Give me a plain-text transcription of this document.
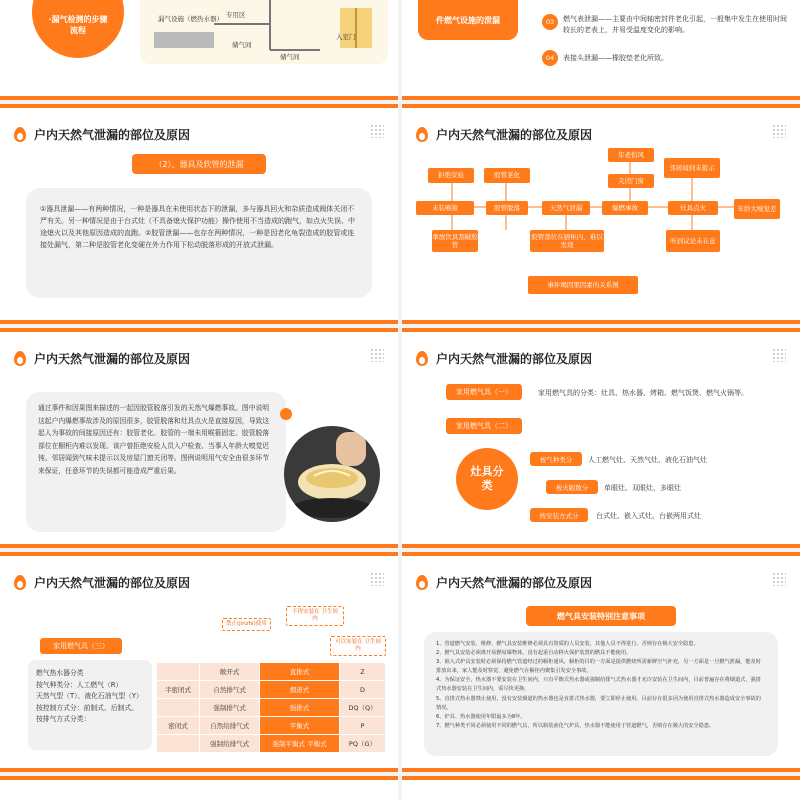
·漏气检测的步骤流程
漏气设施（燃热水器） 专用区
储气间
入室门
储气间
件燃气设施的泄漏	03	燃气表泄漏——主要由中间轴密封件老化引起，一般集中发生在使用时间较长的老表上，并易受温度变化的影响。
04	表接头泄漏——橡胶垫老化所致。
户内天然气泄漏的部位及原因
（2）、器具及软管的泄漏
①器具泄漏——有两种情况，一种是器具在未使用状态下的泄漏，多与器具回火和杂质造成阀体关闭不严有关。另一种情况是由于台式灶（不具备熄火保护功能）操作使用不当造成的跑气，如点火失误、中途熄火以及其他原因造成的直跑。②胶管泄漏——也存在两种情况，一种是因老化龟裂造成的胶管或连接处漏气，第二种是胶管老化变硬在外力作用下松动脱落形成的开放式泄漏。
户内天然气泄漏的部位及原因
拒绝安检	胶管老化
年老怕风
关闭门窗
邻居闻到未报示
未装喉箍	胶管脱落	天然气泄漏	爆燃事故	灶具点火	年龄大嗅觉差
拿放饮具刮破胶管
胶管部位在厨柜内，难以发现
听到议论未在意
事件竭因果因素的关系图
户内天然气泄漏的部位及原因
通过事件和因果图来描述的一起因胶管脱落引发的天然气爆燃事故。图中说明这起户内爆燃事故涉及的原因很多，胶管脱落和灶具点火是直接原因，导致这起人为事故的间接原因还有：胶管老化、胶管的一端未用喉箍固定、胶管脱落部位在橱柜内难以发现、该户曾拒绝安检人员入户检查、当事人年龄大嗅觉迟钝、邻居闻到气味未提示以及房屋门窗关闭等。图例说明用气安全由很多环节来保证，任意环节的失误都可能造成严重后果。
户内天然气泄漏的部位及原因
家用燃气具（一）	家用燃气具的分类：灶具、热水器、烤箱、燃气饭煲、燃气火锅等。
家用燃气具（二）
灶具分类
按气种类分	人工燃气灶、天然气灶、液化石油气灶
按火眼数分	单眼灶、双眼灶、多眼灶
按安装方式分	台式灶、嵌入式灶、台嵌两用式灶
户内天然气泄漏的部位及原因
家用燃气具（三）
燃气热水器分类
按气种类分：人工燃气（R）
天然气型（T）、液化石油气型（Y）
按控制方式分：前制式、后制式。
按排气方式分类：
禁止(jinzhi)使用
不得安装在 卫生间内
可以安装在 卫生间内
	敞开式	直排式	Z
半密闭式	自然排气式	烟道式	D
	强制排气式	强排式	DQ（Q）
密闭式	自然给排气式	平衡式	P
	强制给排气式	强制平衡式 平衡式	PQ（G）
户内天然气泄漏的部位及原因
燃气具安装特别注意事项
1、管道燃气安装、维修、燃气具安装维修必须具有资质的人员安装，其他人员不得进行，否则存在极大安全隐患。
2、燃气具安装必须离开易燃易爆物体，没有起重自动移火保护装置的燃具不能使用。
3、嵌入式炉具安装时必须保持燃气管道经过的橱柜通风，橱柜的目的一方面是提供燃烧所需新鲜空气补充，另一方面是一旦燃气泄漏，能及时排放出来，家人能及时察觉，避免燃气在橱柜内聚集引发安全事故。
4、为保证安全，热水器不要安装在卫生间内，只有平衡式热水器或强制给排气式热水器才允许安装在卫生间内，目前普遍存在将烟道式、强排式热水器安装在卫生间内，需尽快更换。
5、直排式热水器禁止使用，没有安装烟道的热水器也是直排式热水器，要立即停止使用。目前存在很多因为使用直排式热水器造成安全事故的情况。
6、炉具、热水器使用年限最多为8年。
7、燃气种类不同必须使用不同的燃气具，所以瓶装液化气炉具、热水器不能使用于管道燃气，否则存在极大的安全隐患。
